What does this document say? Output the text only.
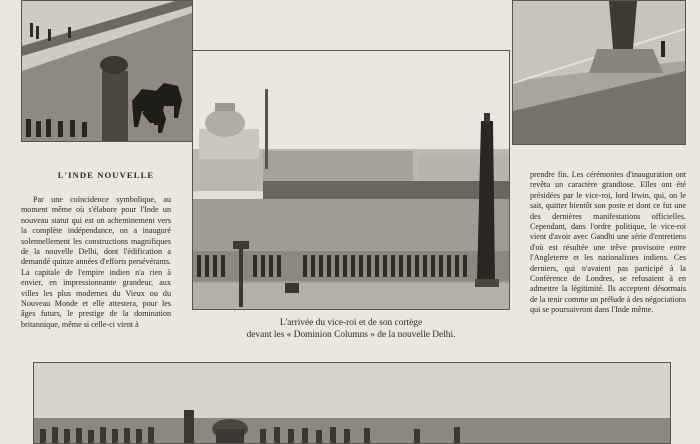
L'INDE NOUVELLE

Par une coïncidence symbolique, au moment même où s'élabore pour l'Inde un nouveau statut qui est un acheminement vers la complète indépendance, on a inauguré solennellement les constructions magnifiques de la nouvelle Delhi, dont l'édification a demandé quinze années d'efforts persévérants. La capitale de l'empire indien n'a rien à envier, en impressionnante grandeur, aux villes les plus modernes du Vieux ou du Nouveau Monde et elle attestera, pour les âges futurs, le prestige de la domination britannique, même si celle-ci vient à

prendre fin. Les cérémonies d'inauguration ont revêtu un caractère grandiose. Elles ont été présidées par le vice-roi, lord Irwin, qui, on le sait, quitter bientôt son poste et dont ce fut une des dernières manifestations officielles. Cependant, dans l'ordre politique, le vice-roi vient d'avoir avec Gandhi une série d'entretiens d'où est résultée une trêve provisoire entre l'Angleterre et les nationalistes indiens. Ces derniers, qui n'avaient pas participé à la Conférence de Londres, se refusaient à en admettre la légitimité. Ils acceptent désormais de la tenir comme un prélude à des négociations qui se poursuivront dans l'Inde même.

L'arrivée du vice-roi et de son cortège
devant les « Dominion Columns » de la nouvelle Delhi.
